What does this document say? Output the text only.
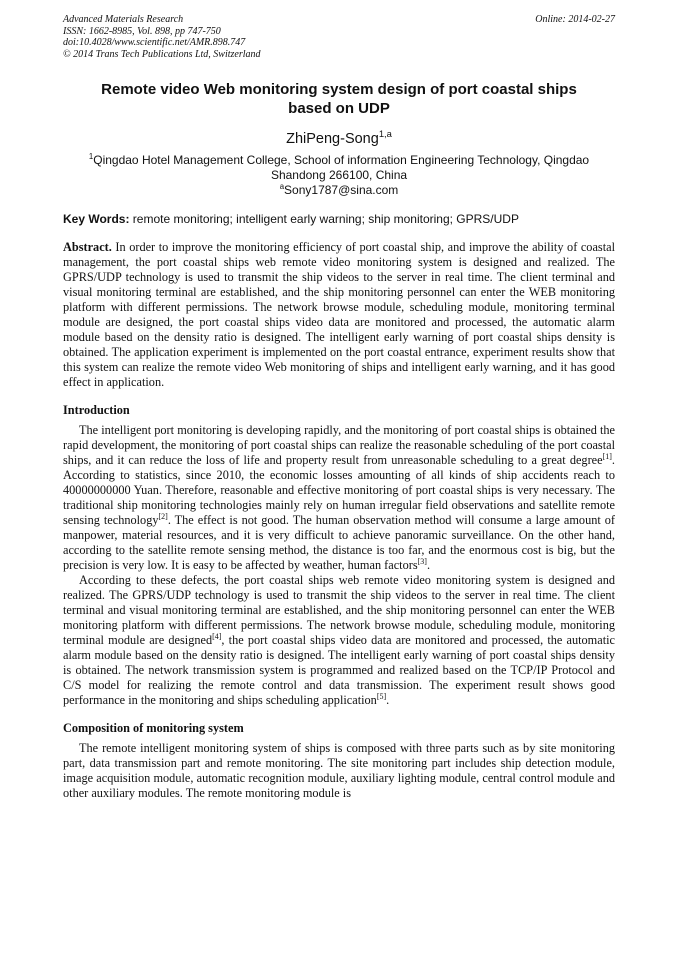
Advanced Materials Research
ISSN: 1662-8985, Vol. 898, pp 747-750
doi:10.4028/www.scientific.net/AMR.898.747
© 2014 Trans Tech Publications Ltd, Switzerland
Online: 2014-02-27
Remote video Web monitoring system design of port coastal ships
based on UDP
ZhiPeng-Song$^{1,a}$
$^1$Qingdao Hotel Management College, School of information Engineering Technology, Qingdao
Shandong 266100, China
$^a$Sony1787@sina.com
Key Words: remote monitoring; intelligent early warning; ship monitoring; GPRS/UDP

Abstract. In order to improve the monitoring efficiency of port coastal ship, and improve the ability of coastal management, the port coastal ships web remote video monitoring system is designed and realized. The GPRS/UDP technology is used to transmit the ship videos to the server in real time. The client terminal and visual monitoring terminal are established, and the ship monitoring personnel can enter the WEB monitoring platform with different permissions. The network browse module, scheduling module, monitoring terminal module are designed, the port coastal ships video data are monitored and processed, the automatic alarm module based on the density ratio is designed. The intelligent early warning of port coastal ships density is obtained. The application experiment is implemented on the port coastal entrance, experiment results show that this system can realize the remote video Web monitoring of ships and intelligent early warning, and it has good effect in application.

Introduction

The intelligent port monitoring is developing rapidly, and the monitoring of port coastal ships is obtained the rapid development, the monitoring of port coastal ships can realize the reasonable scheduling of the port coastal ships, and it can reduce the loss of life and property result from unreasonable scheduling to a great degree[1]. According to statistics, since 2010, the economic losses amounting of all kinds of ship accidents reach to 40000000000 Yuan. Therefore, reasonable and effective monitoring of port coastal ships is very necessary. The traditional ship monitoring technologies mainly rely on human irregular field observations and satellite remote sensing technology[2]. The effect is not good. The human observation method will consume a large amount of manpower, material resources, and it is very difficult to achieve panoramic surveillance. On the other hand, according to the satellite remote sensing method, the distance is too far, and the enormous cost is big, but the precision is very low. It is easy to be affected by weather, human factors[3].

According to these defects, the port coastal ships web remote video monitoring system is designed and realized. The GPRS/UDP technology is used to transmit the ship videos to the server in real time. The client terminal and visual monitoring terminal are established, and the ship monitoring personnel can enter the WEB monitoring platform with different permissions. The network browse module, scheduling module, monitoring terminal module are designed[4], the port coastal ships video data are monitored and processed, the automatic alarm module based on the density ratio is designed. The intelligent early warning of port coastal ships density is obtained. The network transmission system is programmed and realized based on the TCP/IP Protocol and C/S model for realizing the remote control and data transmission. The experiment result shows good performance in the monitoring and ships scheduling application[5].

Composition of monitoring system

The remote intelligent monitoring system of ships is composed with three parts such as by site monitoring part, data transmission part and remote monitoring. The site monitoring part includes ship detection module, image acquisition module, automatic recognition module, auxiliary lighting module, central control module and other auxiliary modules. The remote monitoring module is
